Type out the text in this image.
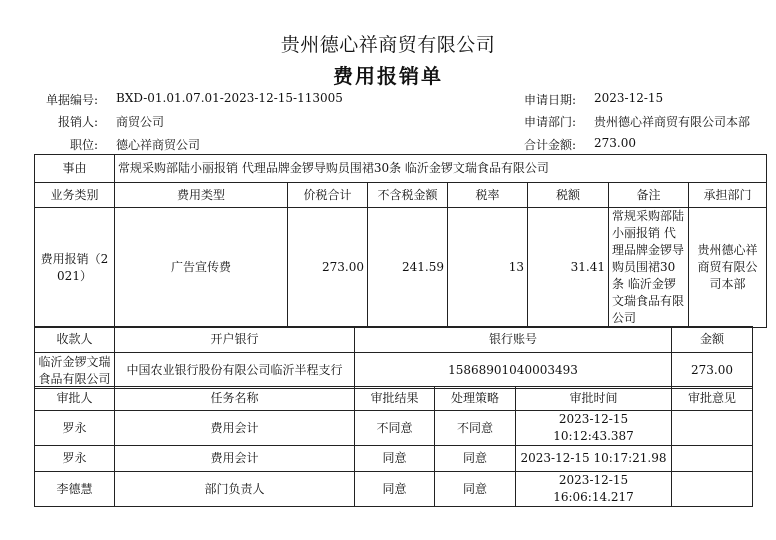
贵州德心祥商贸有限公司
费用报销单
单据编号: BXD-01.01.07.01-2023-12-15-113005	申请日期: 2023-12-15
报销人: 商贸公司	申请部门: 贵州德心祥商贸有限公司本部
职位: 德心祥商贸公司	合计金额: 273.00
事由	常规采购部陆小丽报销 代理品牌金锣导购员围裙30条 临沂金锣文瑞食品有限公司						
业务类别	费用类型	价税合计	不含税金额	税率	税额	备注	承担部门
费用报销（2021）	广告宣传费	273.00	241.59	13	31.41	常规采购部陆小丽报销 代理品牌金锣导购员围裙30条 临沂金锣文瑞食品有限公司	贵州德心祥商贸有限公司本部
收款人	开户银行	银行账号	金额
临沂金锣文瑞食品有限公司	中国农业银行股份有限公司临沂半程支行	15868901040003493	273.00
审批人	任务名称	审批结果	处理策略	审批时间	审批意见
罗永	费用会计	不同意	不同意	2023-12-15 10:12:43.387	
罗永	费用会计	同意	同意	2023-12-15 10:17:21.98	
李德慧	部门负责人	同意	同意	2023-12-15 16:06:14.217	
